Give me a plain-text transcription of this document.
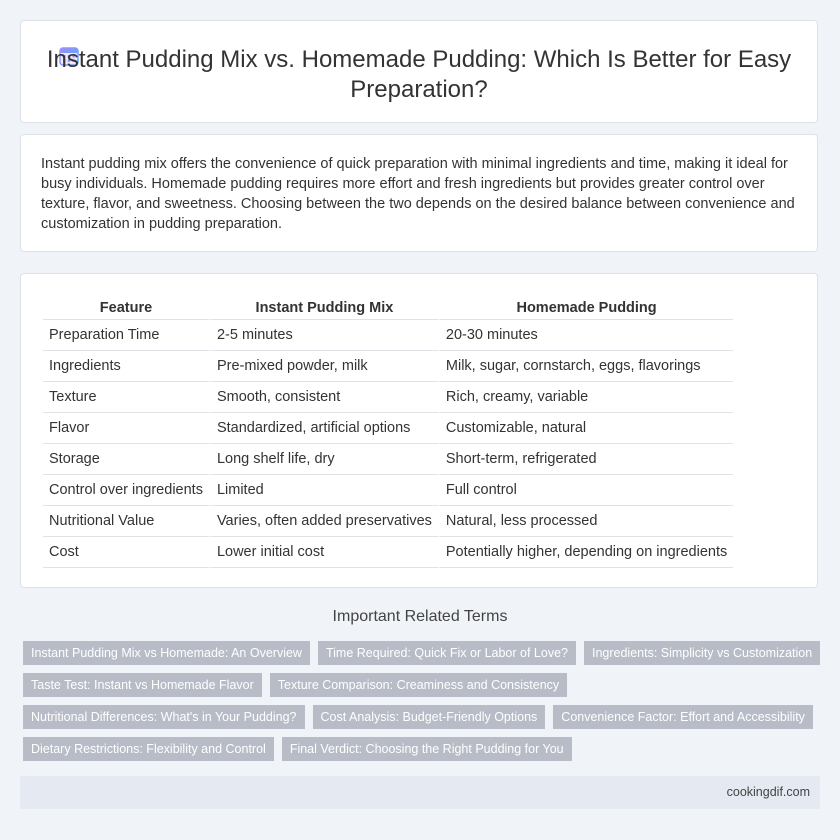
Instant Pudding Mix vs. Homemade Pudding: Which Is Better for Easy Preparation?

Instant pudding mix offers the convenience of quick preparation with minimal ingredients and time, making it ideal for busy individuals. Homemade pudding requires more effort and fresh ingredients but provides greater control over texture, flavor, and sweetness. Choosing between the two depends on the desired balance between convenience and customization in pudding preparation.

Feature	Instant Pudding Mix	Homemade Pudding
Preparation Time	2-5 minutes	20-30 minutes
Ingredients	Pre-mixed powder, milk	Milk, sugar, cornstarch, eggs, flavorings
Texture	Smooth, consistent	Rich, creamy, variable
Flavor	Standardized, artificial options	Customizable, natural
Storage	Long shelf life, dry	Short-term, refrigerated
Control over ingredients	Limited	Full control
Nutritional Value	Varies, often added preservatives	Natural, less processed
Cost	Lower initial cost	Potentially higher, depending on ingredients
Important Related Terms
Instant Pudding Mix vs Homemade: An Overview	Time Required: Quick Fix or Labor of Love?	Ingredients: Simplicity vs Customization
Taste Test: Instant vs Homemade Flavor	Texture Comparison: Creaminess and Consistency
Nutritional Differences: What's in Your Pudding?	Cost Analysis: Budget-Friendly Options	Convenience Factor: Effort and Accessibility
Dietary Restrictions: Flexibility and Control	Final Verdict: Choosing the Right Pudding for You
cookingdif.com
